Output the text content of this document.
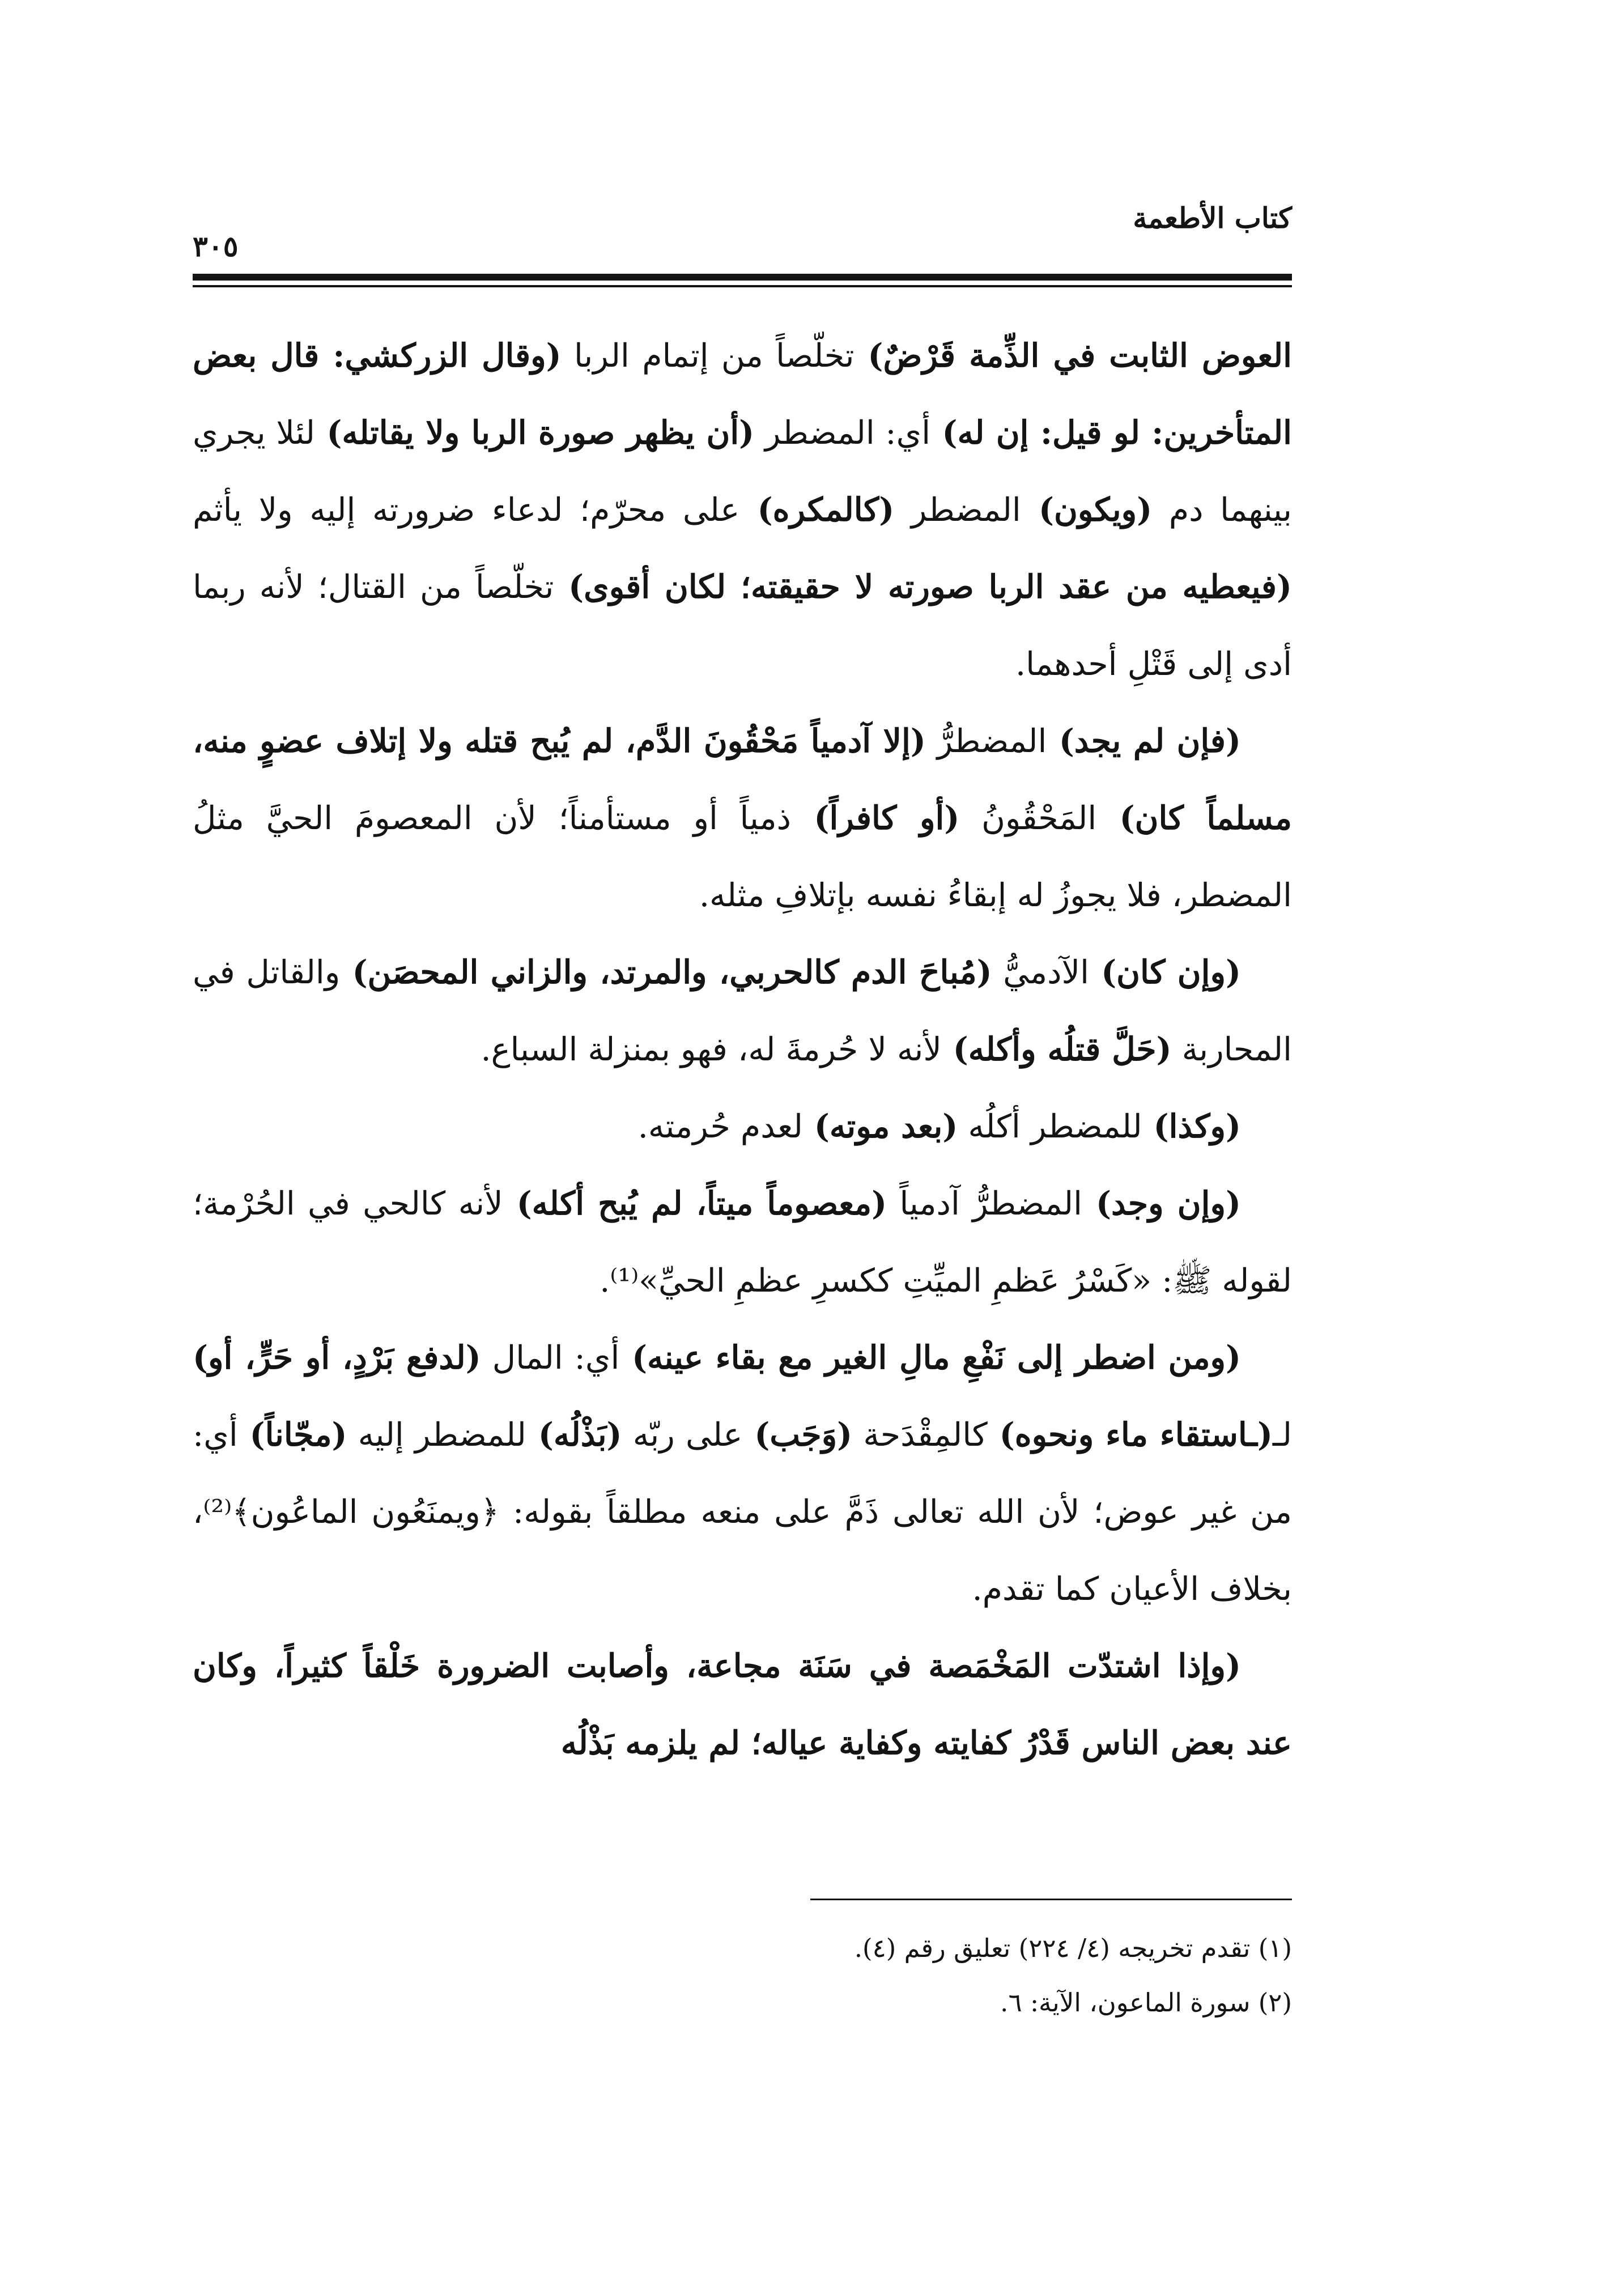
كتاب الأطعمة
٣٠٥

العوض الثابت في الذِّمة قَرْضٌ) تخلّصاً من إتمام الربا (وقال الزركشي: قال بعض المتأخرين: لو قيل: إن له) أي: المضطر (أن يظهر صورة الربا ولا يقاتله) لئلا يجري بينهما دم (ويكون) المضطر (كالمكره) على محرّم؛ لدعاء ضرورته إليه ولا يأثم (فيعطيه من عقد الربا صورته لا حقيقته؛ لكان أقوى) تخلّصاً من القتال؛ لأنه ربما أدى إلى قَتْلِ أحدهما.

(فإن لم يجد) المضطرُّ (إلا آدمياً مَحْقُونَ الدَّم، لم يُبح قتله ولا إتلاف عضوٍ منه، مسلماً كان) المَحْقُونُ (أو كافراً) ذمياً أو مستأمناً؛ لأن المعصومَ الحيَّ مثلُ المضطر، فلا يجوزُ له إبقاءُ نفسه بإتلافِ مثله.

(وإن كان) الآدميُّ (مُباحَ الدم كالحربي، والمرتد، والزاني المحصَن) والقاتل في المحاربة (حَلَّ قتلُه وأكله) لأنه لا حُرمةَ له، فهو بمنزلة السباع.

(وكذا) للمضطر أكلُه (بعد موته) لعدم حُرمته.

(وإن وجد) المضطرُّ آدمياً (معصوماً ميتاً، لم يُبح أكله) لأنه كالحي في الحُرْمة؛ لقوله ﷺ: «كَسْرُ عَظمِ الميِّتِ ككسرِ عظمِ الحيِّ»⁽¹⁾.

(ومن اضطر إلى نَفْعِ مالِ الغير مع بقاء عينه) أي: المال (لدفع بَرْدٍ، أو حَرٍّ، أو) لـ(ـاستقاء ماء ونحوه) كالمِقْدَحة (وَجَب) على ربّه (بَذْلُه) للمضطر إليه (مجّاناً) أي: من غير عوض؛ لأن الله تعالى ذَمَّ على منعه مطلقاً بقوله: ﴿ويمنَعُون الماعُون﴾⁽²⁾، بخلاف الأعيان كما تقدم.

(وإذا اشتدّت المَخْمَصة في سَنَة مجاعة، وأصابت الضرورة خَلْقاً كثيراً، وكان عند بعض الناس قَدْرُ كفايته وكفاية عياله؛ لم يلزمه بَذْلُه

(١) تقدم تخريجه (٤/ ٢٢٤) تعليق رقم (٤).
(٢) سورة الماعون، الآية: ٦.
